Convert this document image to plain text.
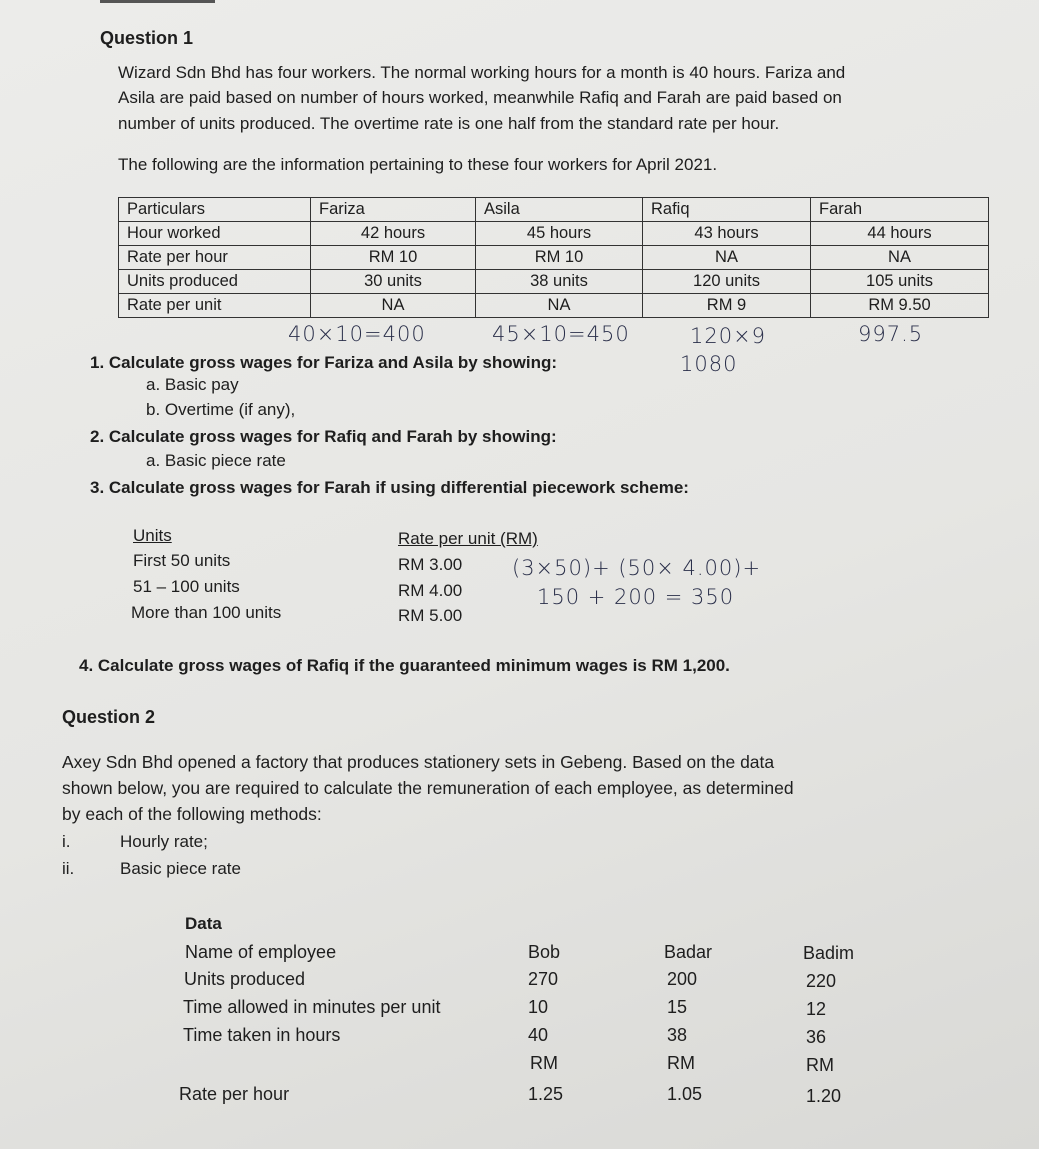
Question 1
Wizard Sdn Bhd has four workers. The normal working hours for a month is 40 hours. Fariza and
Asila are paid based on number of hours worked, meanwhile Rafiq and Farah are paid based on
number of units produced. The overtime rate is one half from the standard rate per hour.
The following are the information pertaining to these four workers for April 2021.
Particulars	Fariza	Asila	Rafiq	Farah
Hour worked	42 hours	45 hours	43 hours	44 hours
Rate per hour	RM 10	RM 10	NA	NA
Units produced	30 units	38 units	120 units	105 units
Rate per unit	NA	NA	RM 9	RM 9.50
40×10=400	45×10=450	120×9	997.5
1080
1. Calculate gross wages for Fariza and Asila by showing:
a. Basic pay
b. Overtime (if any),
2. Calculate gross wages for Rafiq and Farah by showing:
a. Basic piece rate
3. Calculate gross wages for Farah if using differential piecework scheme:
Units	Rate per unit (RM)
First 50 units	RM 3.00
51 – 100 units	RM 4.00
More than 100 units	RM 5.00
(3×50)+ (50× 4.00)+
150 + 200 = 350
4. Calculate gross wages of Rafiq if the guaranteed minimum wages is RM 1,200.
Question 2
Axey Sdn Bhd opened a factory that produces stationery sets in Gebeng. Based on the data
shown below, you are required to calculate the remuneration of each employee, as determined
by each of the following methods:
i.	Hourly rate;
ii.	Basic piece rate
Data
Name of employee	Bob	Badar	Badim
Units produced	270	200	220
Time allowed in minutes per unit	10	15	12
Time taken in hours	40	38	36
RM	RM	RM
Rate per hour	1.25	1.05	1.20
